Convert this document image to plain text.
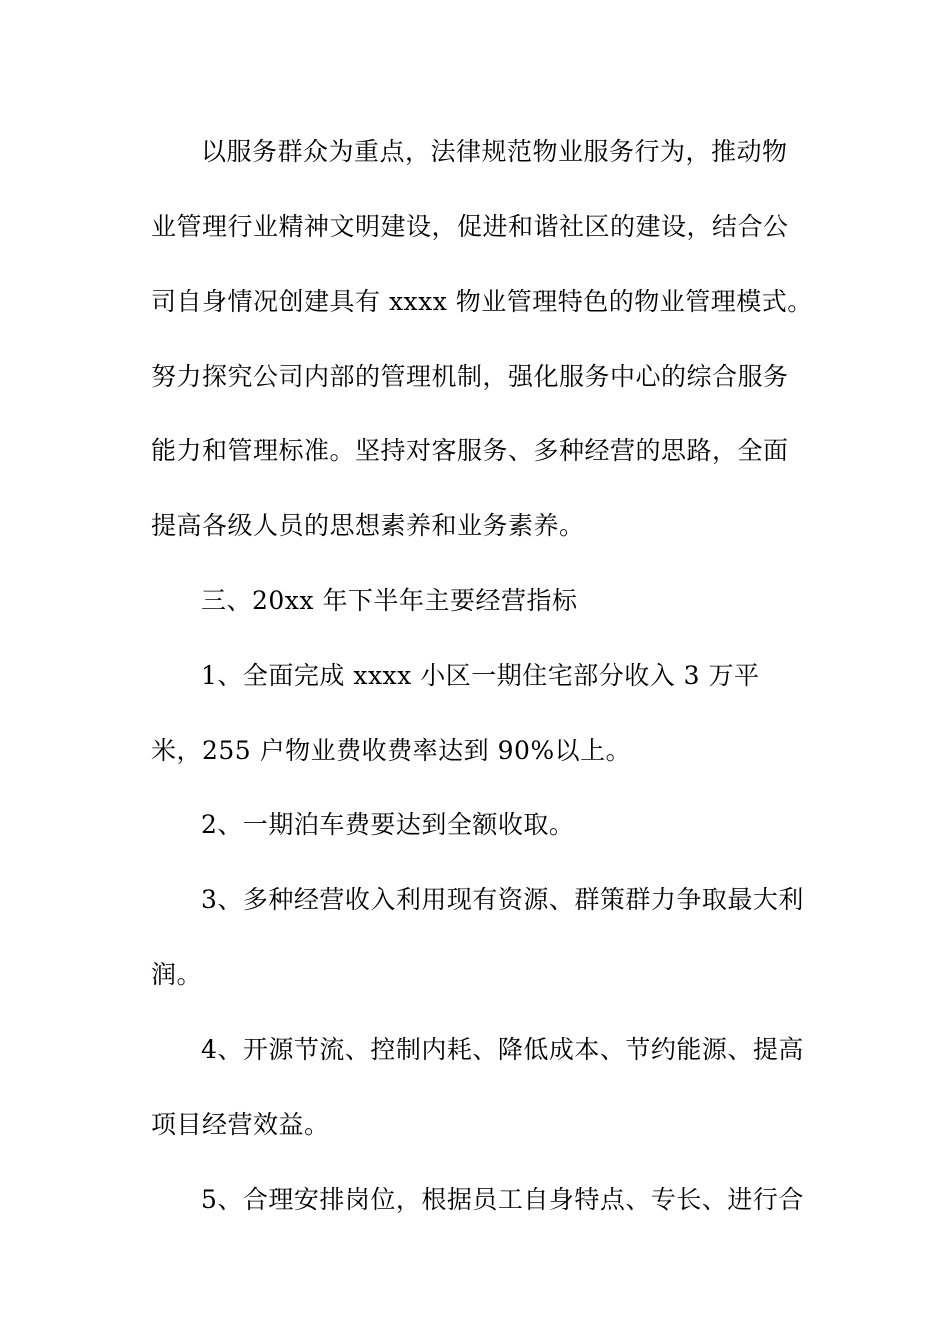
以服务群众为重点，法律规范物业服务行为，推动物
业管理行业精神文明建设，促进和谐社区的建设，结合公
司自身情况创建具有 xxxx 物业管理特色的物业管理模式。
努力探究公司内部的管理机制，强化服务中心的综合服务
能力和管理标准。坚持对客服务、多种经营的思路，全面
提高各级人员的思想素养和业务素养。
三、20xx 年下半年主要经营指标
1、全面完成 xxxx 小区一期住宅部分收入 3 万平
米，255 户物业费收费率达到 90%以上。
2、一期泊车费要达到全额收取。
3、多种经营收入利用现有资源、群策群力争取最大利
润。
4、开源节流、控制内耗、降低成本、节约能源、提高
项目经营效益。
5、合理安排岗位，根据员工自身特点、专长、进行合
